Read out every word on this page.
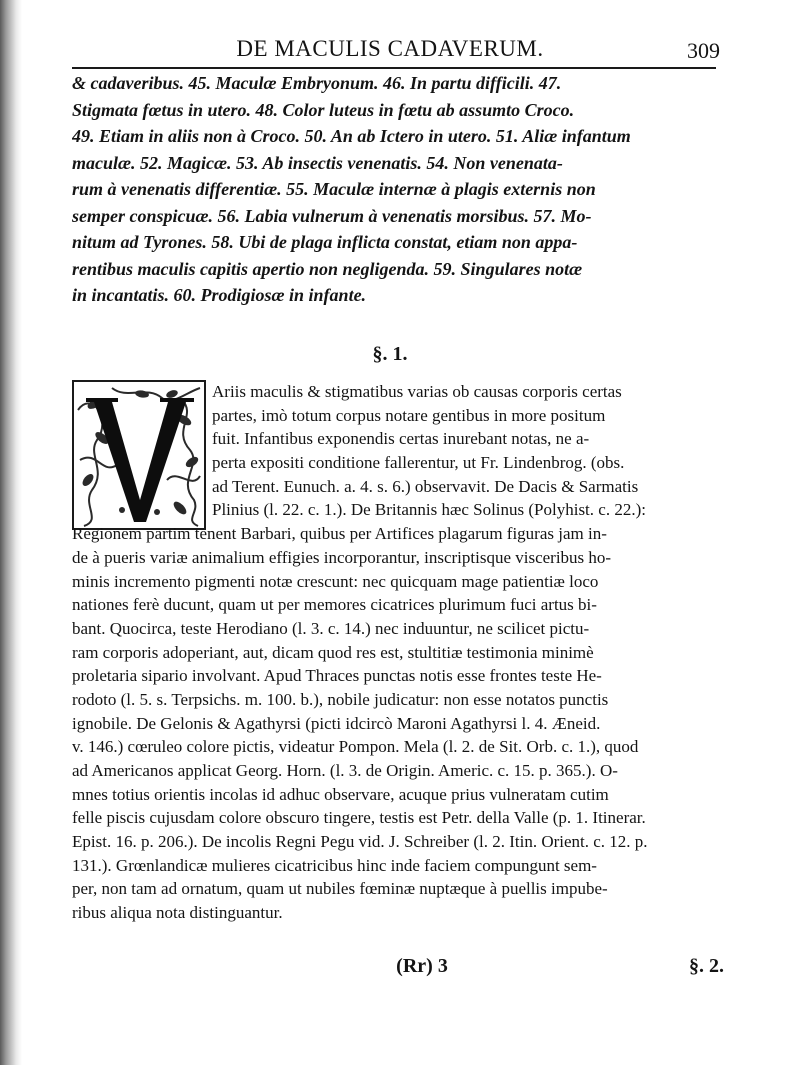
DE MACULIS CADAVERUM.	309
& cadaveribus. 45. Maculæ Embryonum. 46. In partu difficili. 47.
Stigmata fœtus in utero. 48. Color luteus in fœtu ab assumto Croco.
49. Etiam in aliis non à Croco. 50. An ab Ictero in utero. 51. Aliæ infantum
maculæ. 52. Magicæ. 53. Ab insectis venenatis. 54. Non venenata-
rum à venenatis differentiæ. 55. Maculæ internæ à plagis externis non
semper conspicuæ. 56. Labia vulnerum à venenatis morsibus. 57. Mo-
nitum ad Tyrones. 58. Ubi de plaga inflicta constat, etiam non appa-
rentibus maculis capitis apertio non negligenda. 59. Singulares notæ
in incantatis. 60. Prodigiosæ in infante.
§. 1.
Ariis maculis & stigmatibus varias ob causas corporis certas
partes, imò totum corpus notare gentibus in more positum
fuit. Infantibus exponendis certas inurebant notas, ne a-
perta expositi conditione fallerentur, ut Fr. Lindenbrog. (obs.
ad Terent. Eunuch. a. 4. s. 6.) observavit. De Dacis & Sarmatis
Plinius (l. 22. c. 1.). De Britannis hæc Solinus (Polyhist. c. 22.):
Regionem partim tenent Barbari, quibus per Artifices plagarum figuras jam in-
de à pueris variæ animalium effigies incorporantur, inscriptisque visceribus ho-
minis incremento pigmenti notæ crescunt: nec quicquam mage patientiæ loco
nationes ferè ducunt, quam ut per memores cicatrices plurimum fuci artus bi-
bant. Quocirca, teste Herodiano (l. 3. c. 14.) nec induuntur, ne scilicet pictu-
ram corporis adoperiant, aut, dicam quod res est, stultitiæ testimonia minimè
proletaria sipario involvant. Apud Thraces punctas notis esse frontes teste He-
rodoto (l. 5. s. Terpsichs. m. 100. b.), nobile judicatur: non esse notatos punctis
ignobile. De Gelonis & Agathyrsi (picti idcircò Maroni Agathyrsi l. 4. Æneid.
v. 146.) cœruleo colore pictis, videatur Pompon. Mela (l. 2. de Sit. Orb. c. 1.), quod
ad Americanos applicat Georg. Horn. (l. 3. de Origin. Americ. c. 15. p. 365.). O-
mnes totius orientis incolas id adhuc observare, acuque prius vulneratam cutim
felle piscis cujusdam colore obscuro tingere, testis est Petr. della Valle (p. 1. Itinerar.
Epist. 16. p. 206.). De incolis Regni Pegu vid. J. Schreiber (l. 2. Itin. Orient. c. 12. p.
131.). Grœnlandicæ mulieres cicatricibus hinc inde faciem compungunt sem-
per, non tam ad ornatum, quam ut nubiles fœminæ nuptæque à puellis impube-
ribus aliqua nota distinguantur.
(Rr) 3	§. 2.
